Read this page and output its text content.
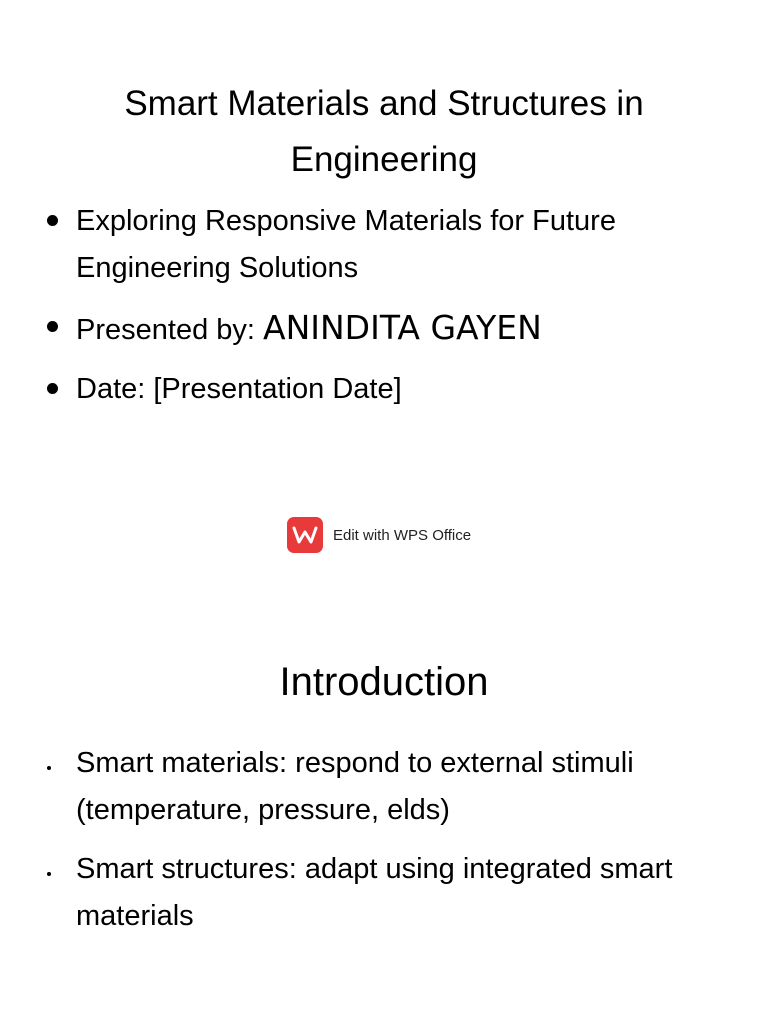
Smart Materials and Structures in Engineering
Exploring Responsive Materials for Future Engineering Solutions
Presented by: ANINDITA GAYEN
Date: [Presentation Date]
Edit with WPS Office
Introduction
Smart materials: respond to external stimuli (temperature, pressure, elds)
Smart structures: adapt using integrated smart materials
